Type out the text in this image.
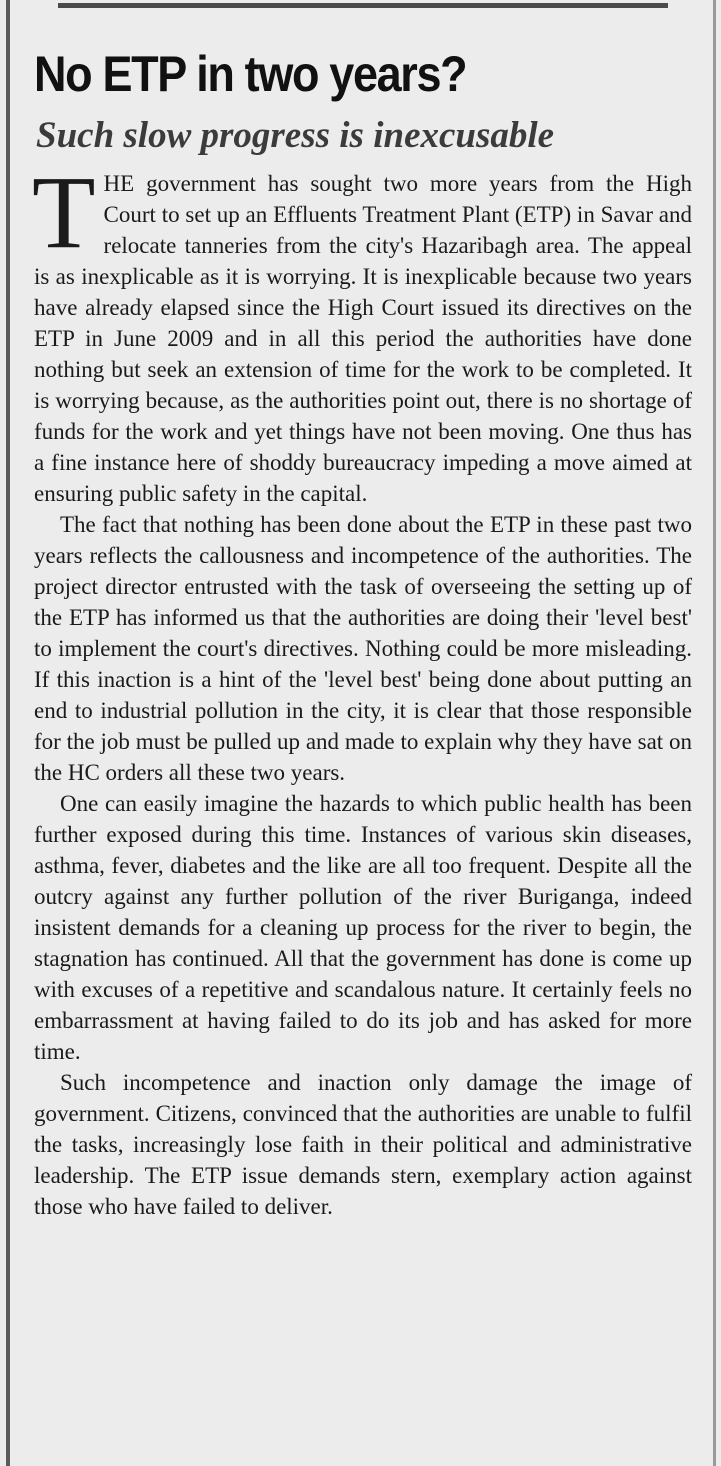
No ETP in two years?
Such slow progress is inexcusable

T HE government has sought two more years from the High Court to set up an Effluents Treatment Plant (ETP) in Savar and relocate tanneries from the city's Hazaribagh area. The appeal is as inexplicable as it is worrying. It is inexplicable because two years have already elapsed since the High Court issued its directives on the ETP in June 2009 and in all this period the authorities have done nothing but seek an extension of time for the work to be completed. It is worrying because, as the authorities point out, there is no shortage of funds for the work and yet things have not been moving. One thus has a fine instance here of shoddy bureaucracy impeding a move aimed at ensuring public safety in the capital.

The fact that nothing has been done about the ETP in these past two years reflects the callousness and incompetence of the authorities. The project director entrusted with the task of overseeing the setting up of the ETP has informed us that the authorities are doing their 'level best' to implement the court's directives. Nothing could be more misleading. If this inaction is a hint of the 'level best' being done about putting an end to industrial pollution in the city, it is clear that those responsible for the job must be pulled up and made to explain why they have sat on the HC orders all these two years.

One can easily imagine the hazards to which public health has been further exposed during this time. Instances of various skin diseases, asthma, fever, diabetes and the like are all too frequent. Despite all the outcry against any further pollution of the river Buriganga, indeed insistent demands for a cleaning up process for the river to begin, the stagnation has continued. All that the government has done is come up with excuses of a repetitive and scandalous nature. It certainly feels no embarrassment at having failed to do its job and has asked for more time.

Such incompetence and inaction only damage the image of government. Citizens, convinced that the authorities are unable to fulfil the tasks, increasingly lose faith in their political and administrative leadership. The ETP issue demands stern, exemplary action against those who have failed to deliver.
